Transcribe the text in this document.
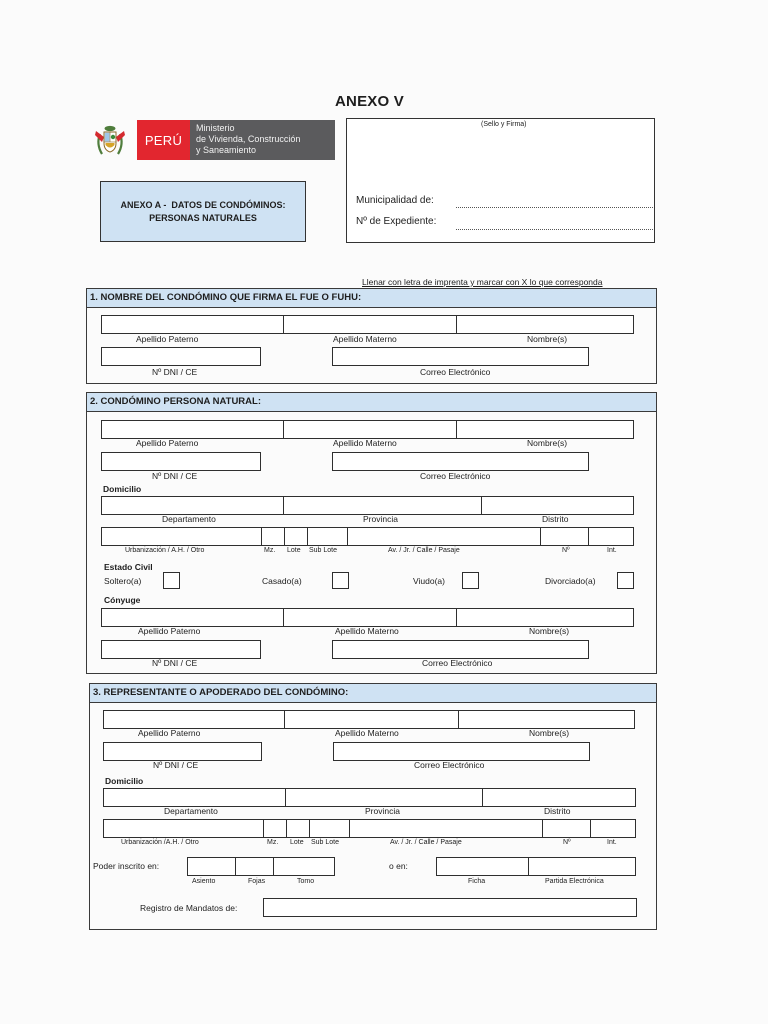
ANEXO V
PERÚ
Ministerio
de Vivienda, Construcción
y Saneamiento
(Sello y Firma)
Municipalidad de:
Nº de Expediente:
ANEXO A -  DATOS DE CONDÓMINOS:
PERSONAS NATURALES
Llenar con letra de imprenta y marcar con X lo que corresponda
1. NOMBRE DEL CONDÓMINO QUE FIRMA EL FUE O FUHU:
Apellido Paterno	Apellido Materno	Nombre(s)
Nº DNI / CE	Correo Electrónico
2. CONDÓMINO PERSONA NATURAL:
Apellido Paterno	Apellido Materno	Nombre(s)
Nº DNI / CE	Correo Electrónico
Domicilio
Departamento	Provincia	Distrito
Urbanización / A.H. / Otro	Mz. Lote Sub Lote	Av. / Jr. / Calle / Pasaje	Nº	Int.
Estado Civil
Soltero(a)	Casado(a)	Viudo(a)	Divorciado(a)
Cónyuge
Apellido Paterno	Apellido Materno	Nombre(s)
Nº DNI / CE	Correo Electrónico
3. REPRESENTANTE O APODERADO DEL CONDÓMINO:
Apellido Paterno	Apellido Materno	Nombre(s)
Nº DNI / CE	Correo Electrónico
Domicilio
Departamento	Provincia	Distrito
Urbanización /A.H. / Otro	Mz. Lote Sub Lote	Av. / Jr. / Calle / Pasaje	Nº	Int.
Poder inscrito en:
Asiento	Fojas	Tomo
o en:
Ficha	Partida Electrónica
Registro de Mandatos de:
